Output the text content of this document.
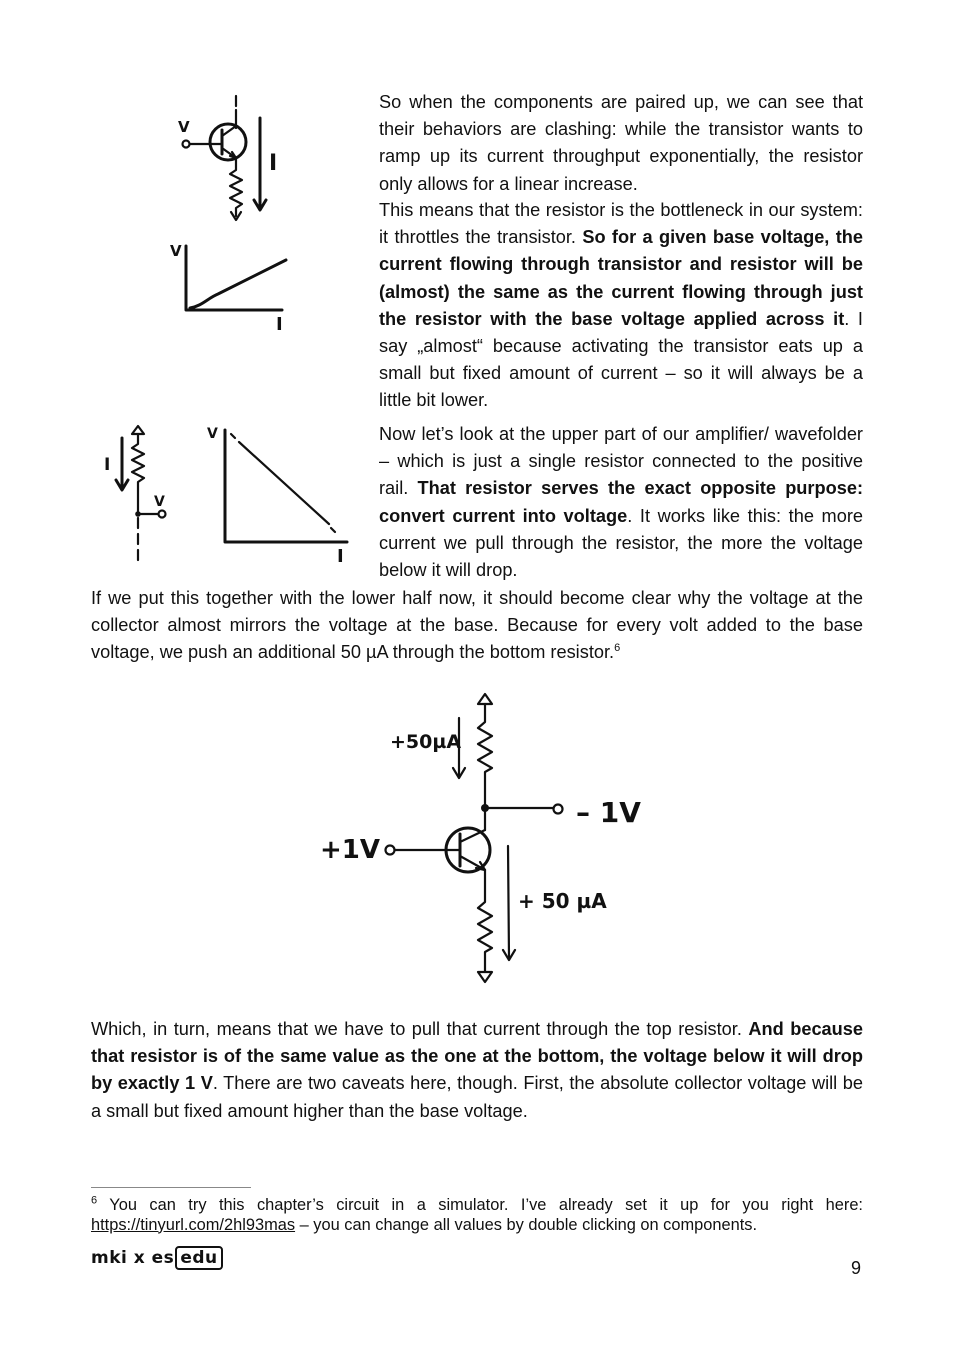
V
I
V
I
I
V
V
I

So when the components are paired up, we can see that their behaviors are clashing: while the transistor wants to ramp up its current throughput exponentially, the resistor only allows for a linear increase.

This means that the resistor is the bottleneck in our system: it throttles the transistor. So for a given base voltage, the current flowing through transistor and resistor will be (almost) the same as the current flowing through just the resistor with the base voltage applied across it. I say „almost“ because activating the transistor eats up a small but fixed amount of current – so it will always be a little bit lower.

Now let’s look at the upper part of our amplifier/ wavefolder – which is just a single resistor connected to the positive rail. That resistor serves the exact opposite purpose: convert current into voltage. It works like this: the more current we pull through the resistor, the more the voltage below it will drop.

If we put this together with the lower half now, it should become clear why the voltage at the collector almost mirrors the voltage at the base. Because for every volt added to the base voltage, we push an additional 50 µA through the bottom resistor.$^6$

+50µA
+1V
– 1V
+ 50 µA

Which, in turn, means that we have to pull that current through the top resistor. And because that resistor is of the same value as the one at the bottom, the voltage below it will drop by exactly 1 V. There are two caveats here, though. First, the absolute collector voltage will be a small but fixed amount higher than the base voltage.

$^6$ You can try this chapter’s circuit in a simulator. I’ve already set it up for you right here: https://tinyurl.com/2hl93mas – you can change all values by double clicking on components.
mki x es edu	9
